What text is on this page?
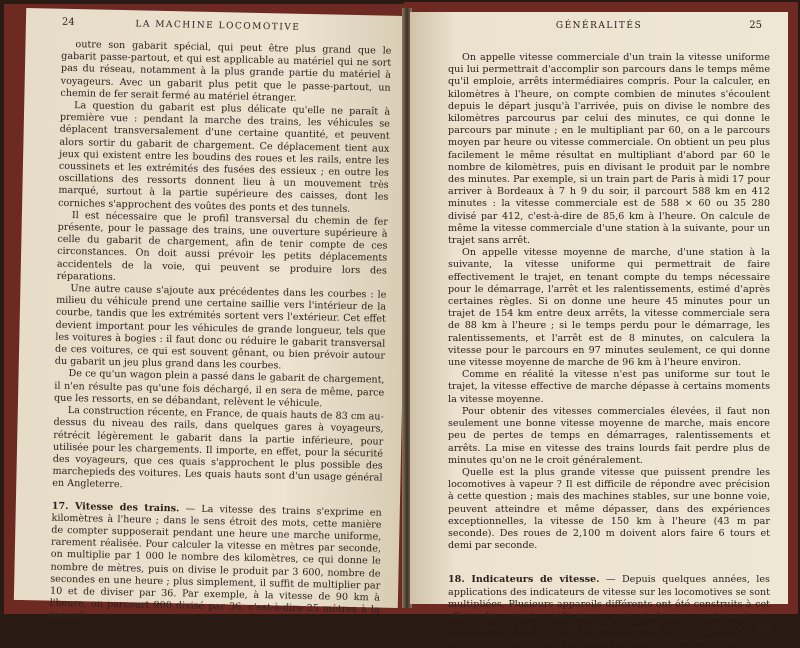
24	LA MACHINE LOCOMOTIVE

outre son gabarit spécial, qui peut être plus grand que le gabarit passe-partout, et qui est applicable au matériel qui ne sort pas du réseau, notamment à la plus grande partie du matériel à voyageurs. Avec un gabarit plus petit que le passe-partout, un chemin de fer serait fermé au matériel étranger.

La question du gabarit est plus délicate qu'elle ne paraît à première vue : pendant la marche des trains, les véhicules se déplacent transversalement d'une certaine quantité, et peuvent alors sortir du gabarit de chargement. Ce déplacement tient aux jeux qui existent entre les boudins des roues et les rails, entre les coussinets et les extrémités des fusées des essieux ; en outre les oscillations des ressorts donnent lieu à un mouvement très marqué, surtout à la partie supérieure des caisses, dont les corniches s'approchent des voûtes des ponts et des tunnels.

Il est nécessaire que le profil transversal du chemin de fer présente, pour le passage des trains, une ouverture supérieure à celle du gabarit de chargement, afin de tenir compte de ces circonstances. On doit aussi prévoir les petits déplacements accidentels de la voie, qui peuvent se produire lors des réparations.

Une autre cause s'ajoute aux précédentes dans les courbes : le milieu du véhicule prend une certaine saillie vers l'intérieur de la courbe, tandis que les extrémités sortent vers l'extérieur. Cet effet devient important pour les véhicules de grande longueur, tels que les voitures à bogies : il faut donc ou réduire le gabarit transversal de ces voitures, ce qui est souvent gênant, ou bien prévoir autour du gabarit un jeu plus grand dans les courbes.

De ce qu'un wagon plein a passé dans le gabarit de chargement, il n'en résulte pas qu'une fois déchargé, il en sera de même, parce que les ressorts, en se débandant, relèvent le véhicule.

La construction récente, en France, de quais hauts de 83 cm au-dessus du niveau des rails, dans quelques gares à voyageurs, rétrécit légèrement le gabarit dans la partie inférieure, pour utilisée pour les chargements. Il importe, en effet, pour la sécurité des voyageurs, que ces quais s'approchent le plus possible des marchepieds des voitures. Les quais hauts sont d'un usage général en Angleterre.

17. Vitesse des trains. — La vitesse des trains s'exprime en kilomètres à l'heure ; dans le sens étroit des mots, cette manière de compter supposerait pendant une heure une marche uniforme, rarement réalisée. Pour calculer la vitesse en mètres par seconde, on multiplie par 1 000 le nombre des kilomètres, ce qui donne le nombre de mètres, puis on divise le produit par 3 600, nombre de secondes en une heure ; plus simplement, il suffit de multiplier par 10 et de diviser par 36. Par exemple, à la vitesse de 90 km à l'heure, on parcourt 900 divisé par 36, c'est-à-dire 25 mètres à la seconde.

GÉNÉRALITÉS	25

On appelle vitesse commerciale d'un train la vitesse uniforme qui lui permettrait d'accomplir son parcours dans le temps même qu'il emploie, arrêts intermédiaires compris. Pour la calculer, en kilomètres à l'heure, on compte combien de minutes s'écoulent depuis le départ jusqu'à l'arrivée, puis on divise le nombre des kilomètres parcourus par celui des minutes, ce qui donne le parcours par minute ; en le multipliant par 60, on a le parcours moyen par heure ou vitesse commerciale. On obtient un peu plus facilement le même résultat en multipliant d'abord par 60 le nombre de kilomètres, puis en divisant le produit par le nombre des minutes. Par exemple, si un train part de Paris à midi 17 pour arriver à Bordeaux à 7 h 9 du soir, il parcourt 588 km en 412 minutes : la vitesse commerciale est de 588 × 60 ou 35 280 divisé par 412, c'est-à-dire de 85,6 km à l'heure. On calcule de même la vitesse commerciale d'une station à la suivante, pour un trajet sans arrêt.

On appelle vitesse moyenne de marche, d'une station à la suivante, la vitesse uniforme qui permettrait de faire effectivement le trajet, en tenant compte du temps nécessaire pour le démarrage, l'arrêt et les ralentissements, estimé d'après certaines règles. Si on donne une heure 45 minutes pour un trajet de 154 km entre deux arrêts, la vitesse commerciale sera de 88 km à l'heure ; si le temps perdu pour le démarrage, les ralentissements, et l'arrêt est de 8 minutes, on calculera la vitesse pour le parcours en 97 minutes seulement, ce qui donne une vitesse moyenne de marche de 96 km à l'heure environ.

Comme en réalité la vitesse n'est pas uniforme sur tout le trajet, la vitesse effective de marche dépasse à certains moments la vitesse moyenne.

Pour obtenir des vitesses commerciales élevées, il faut non seulement une bonne vitesse moyenne de marche, mais encore peu de pertes de temps en démarrages, ralentissements et arrêts. La mise en vitesse des trains lourds fait perdre plus de minutes qu'on ne le croit généralement.

Quelle est la plus grande vitesse que puissent prendre les locomotives à vapeur ? Il est difficile de répondre avec précision à cette question ; mais des machines stables, sur une bonne voie, peuvent atteindre et même dépasser, dans des expériences exceptionnelles, la vitesse de 150 km à l'heure (43 m par seconde). Des roues de 2,100 m doivent alors faire 6 tours et demi par seconde.

18. Indicateurs de vitesse. — Depuis quelques années, les applications des indicateurs de vitesse sur les locomotives se sont multipliées. Plusieurs appareils différents ont été construits à cet effet. Au simple indicateur, qui s'adresse seulement au mécanicien, on préfère généralement les appareils qui enregistrent en outre les vitesses pendant tout le parcours.
